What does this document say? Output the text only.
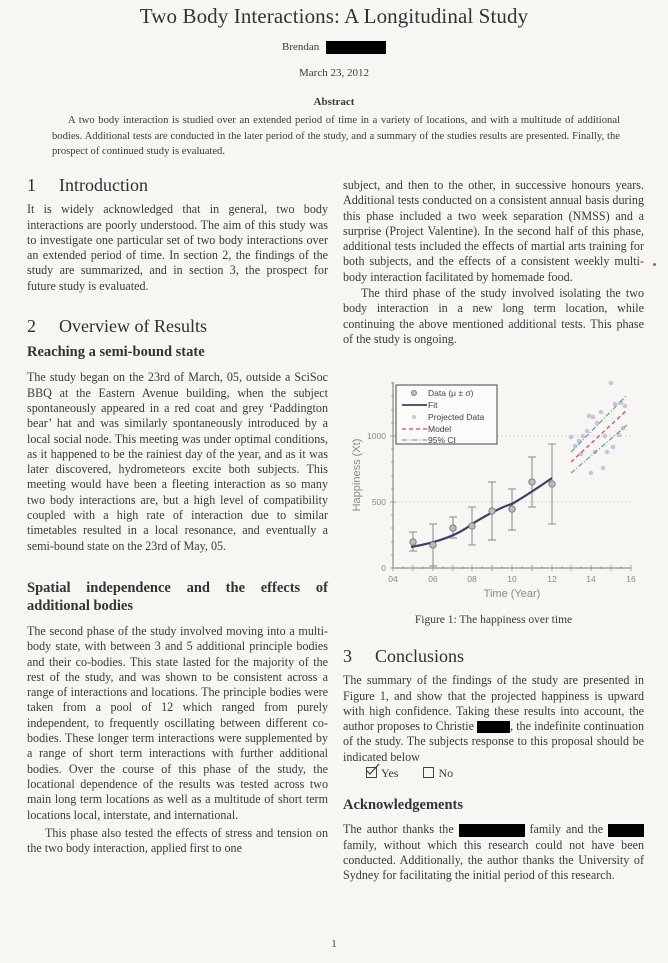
Two Body Interactions: A Longitudinal Study
Brendan
March 23, 2012
Abstract
A two body interaction is studied over an extended period of time in a variety of locations, and with a multitude of additional bodies. Additional tests are conducted in the later period of the study, and a summary of the studies results are presented. Finally, the prospect of continued study is evaluated.
1 Introduction

It is widely acknowledged that in general, two body interactions are poorly understood. The aim of this study was to investigate one particular set of two body interactions over an extended period of time. In section 2, the findings of the study are summarized, and in section 3, the prospect for future study is evaluated.

2 Overview of Results
Reaching a semi-bound state

The study began on the 23rd of March, 05, outside a SciSoc BBQ at the Eastern Avenue building, when the subject spontaneously appeared in a red coat and grey ‘Paddington bear’ hat and was similarly spontaneously introduced by a local social node. This meeting was under optimal conditions, as it happened to be the rainiest day of the year, and as it was later discovered, hydrometeors excite both subjects. This meeting would have been a fleeting interaction as so many two body interactions are, but a high level of compatibility coupled with a high rate of interaction due to similar timetables resulted in a local resonance, and eventually a semi-bound state on the 23rd of May, 05.

Spatial independence and the effects of additional bodies

The second phase of the study involved moving into a multi-body state, with between 3 and 5 additional principle bodies and their co-bodies. This state lasted for the majority of the rest of the study, and was shown to be consistent across a range of interactions and locations. The principle bodies were taken from a pool of 12 which ranged from purely independent, to frequently oscillating between different co-bodies. These longer term interactions were supplemented by a range of short term interactions with further additional bodies. Over the course of this phase of the study, the locational dependence of the results was tested across two main long term locations as well as a multitude of short term locations local, interstate, and international.

This phase also tested the effects of stress and tension on the two body interaction, applied first to one

subject, and then to the other, in successive honours years. Additional tests conducted on a consistent annual basis during this phase included a two week separation (NMSS) and a surprise (Project Valentine). In the second half of this phase, additional tests included the effects of martial arts training for both subjects, and the effects of a consistent weekly multi-body interaction facilitated by homemade food.

The third phase of the study involved isolating the two body interaction in a new long term location, while continuing the above mentioned additional tests. This phase of the study is ongoing.

1000
500
0
04	06	08	10	12	14	16
Time (Year)
Happiness (Xt)
Data (μ ± σ)
Fit
Projected Data
Model
95% CI
Figure 1: The happiness over time
3 Conclusions

The summary of the findings of the study are presented in Figure 1, and show that the projected happiness is upward with high confidence. Taking these results into account, the author proposes to Christie	, the indefinite continuation of the study. The subjects response to this proposal should be indicated below

Yes	No
Acknowledgements

The author thanks the	family and the  family, without which this research could not have been conducted. Additionally, the author thanks the University of Sydney for facilitating the initial period of this research.

1
